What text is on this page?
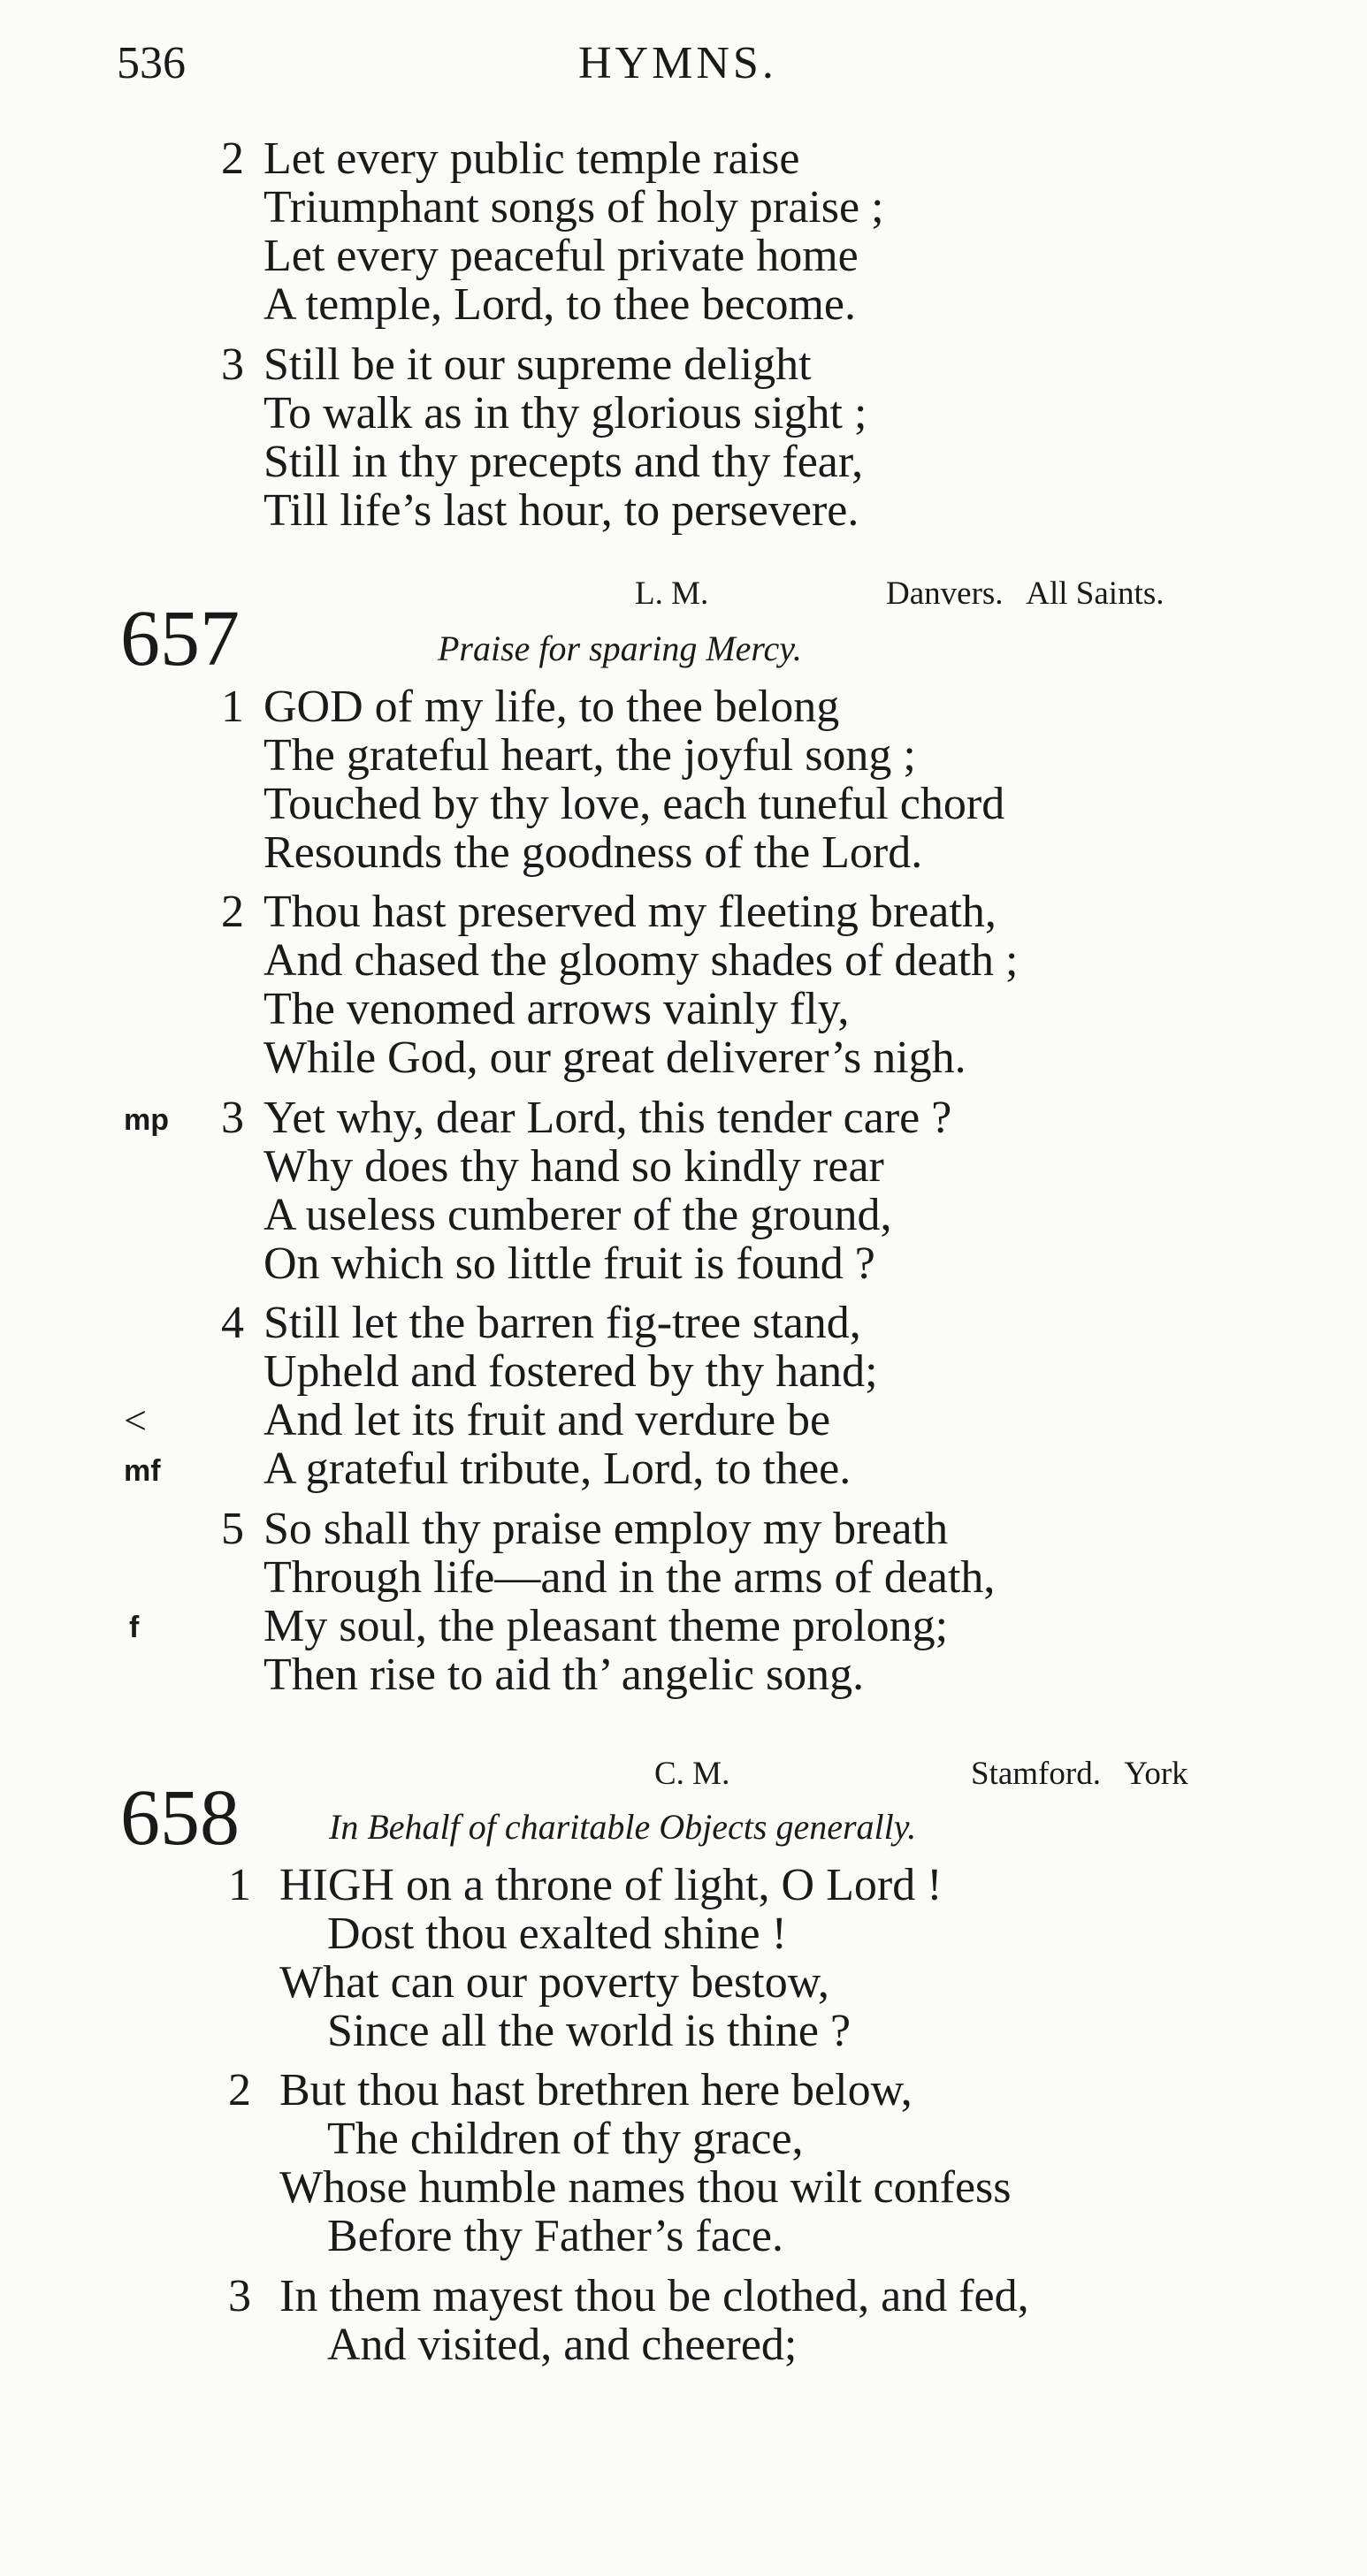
536	HYMNS.
2 Let every public temple raise
Triumphant songs of holy praise ;
Let every peaceful private home
A temple, Lord, to thee become.
3 Still be it our supreme delight
To walk as in thy glorious sight ;
Still in thy precepts and thy fear,
Till life’s last hour, to persevere.
L. M.	Danvers.   All Saints.
657	Praise for sparing Mercy.
1 GOD of my life, to thee belong
The grateful heart, the joyful song ;
Touched by thy love, each tuneful chord
Resounds the goodness of the Lord.
2 Thou hast preserved my fleeting breath,
And chased the gloomy shades of death ;
The venomed arrows vainly fly,
While God, our great deliverer’s nigh.
mp 3 Yet why, dear Lord, this tender care ?
Why does thy hand so kindly rear
A useless cumberer of the ground,
On which so little fruit is found ?
4 Still let the barren fig-tree stand,
Upheld and fostered by thy hand;
<	And let its fruit and verdure be
mf A grateful tribute, Lord, to thee.
5 So shall thy praise employ my breath
Through life—and in the arms of death,
f	My soul, the pleasant theme prolong;
Then rise to aid th’ angelic song.
C. M.	Stamford.   York
658	In Behalf of charitable Objects generally.
1 HIGH on a throne of light, O Lord !
Dost thou exalted shine !
What can our poverty bestow,
Since all the world is thine ?
2 But thou hast brethren here below,
The children of thy grace,
Whose humble names thou wilt confess
Before thy Father’s face.
3 In them mayest thou be clothed, and fed,
And visited, and cheered;
